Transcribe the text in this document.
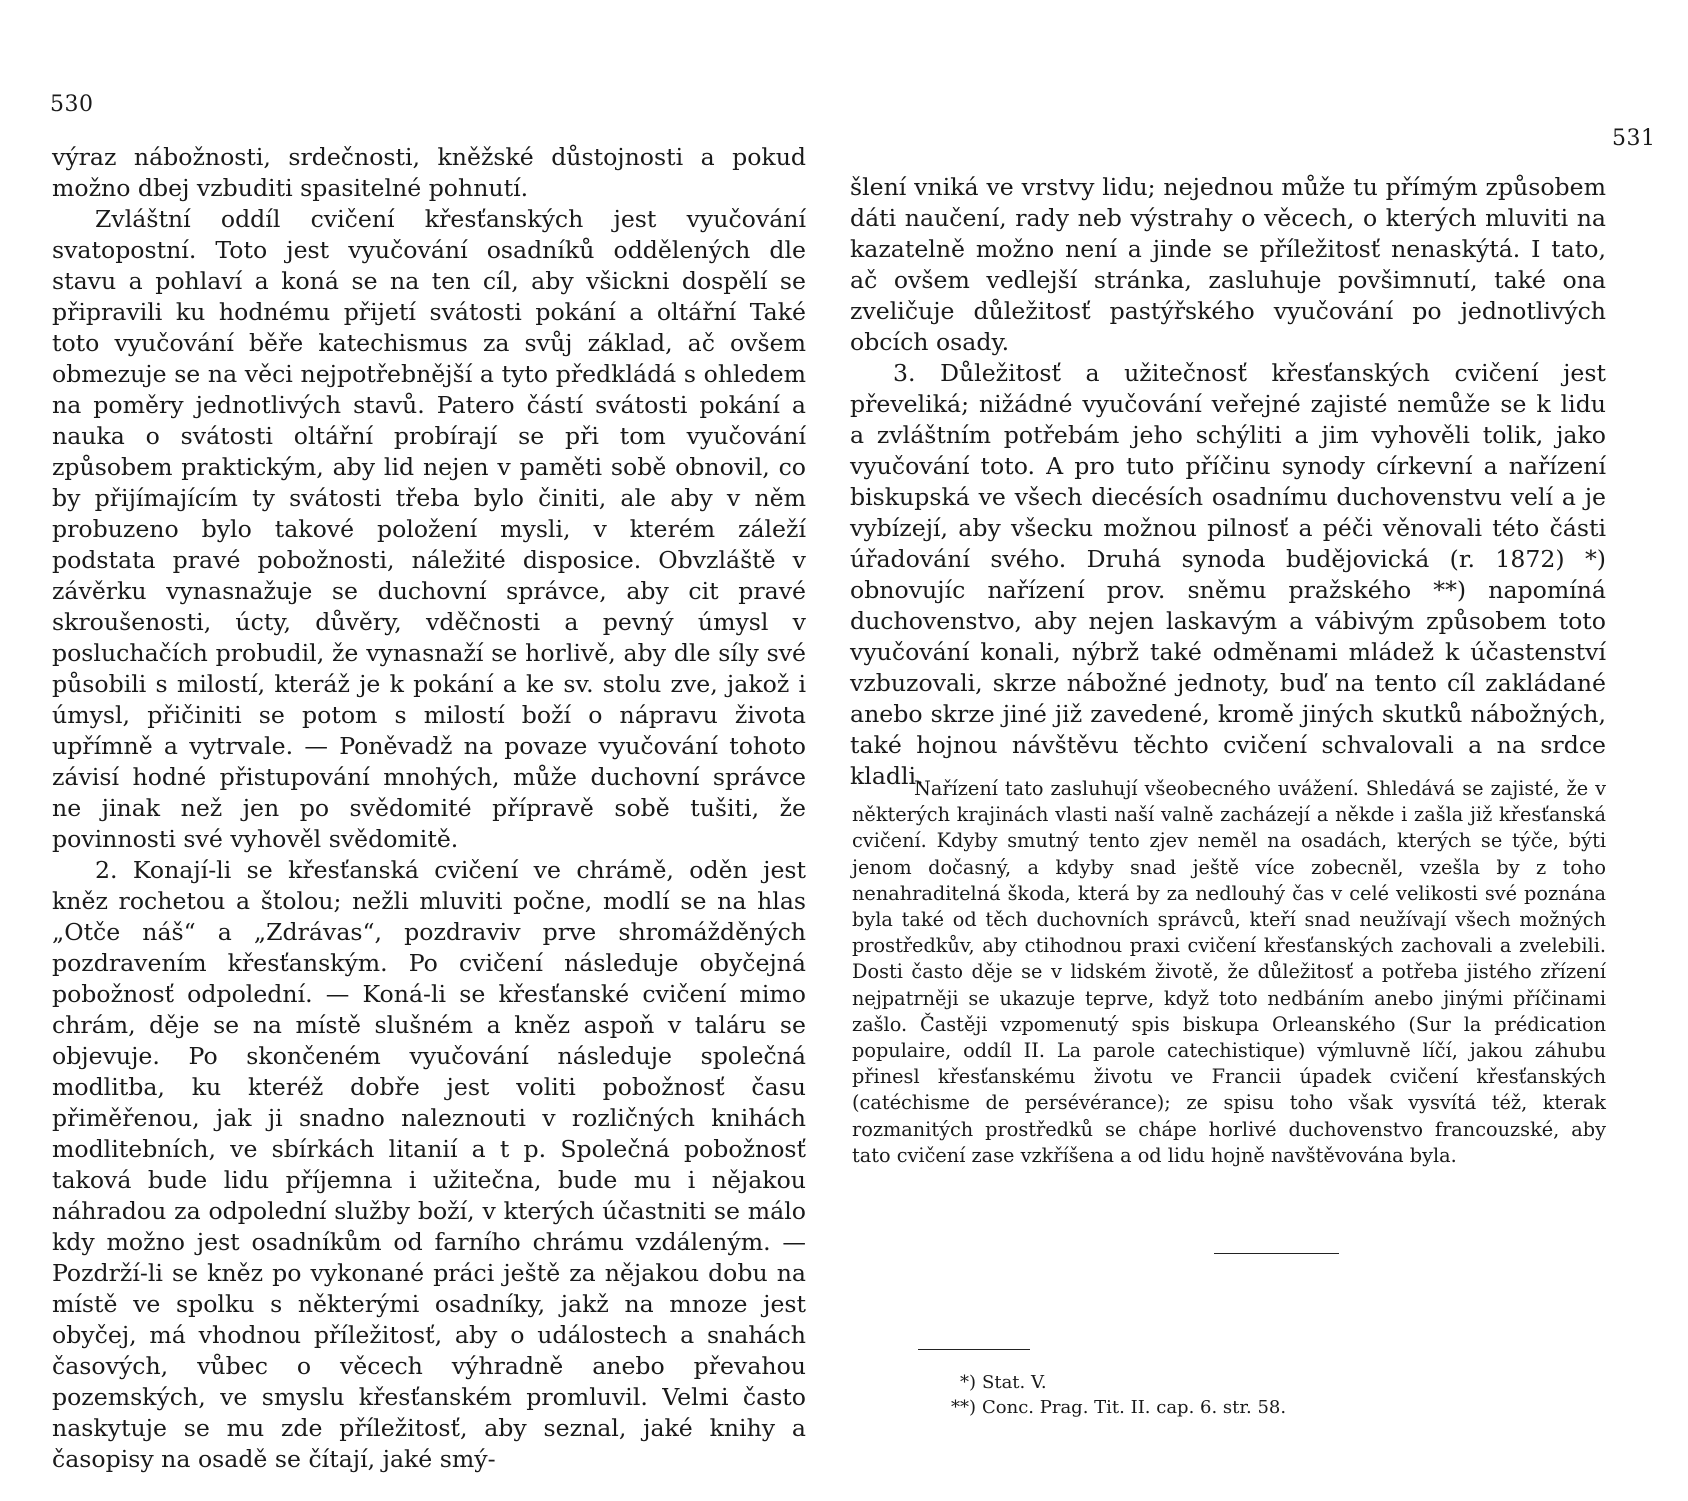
530

výraz nábožnosti, srdečnosti, kněžské důstojnosti a pokud možno dbej vzbuditi spasitelné pohnutí.

Zvláštní oddíl cvičení křesťanských jest vyučování svatopostní. Toto jest vyučování osadníků oddělených dle stavu a pohlaví a koná se na ten cíl, aby všickni dospělí se připravili ku hodnému přijetí svátosti pokání a oltářní Také toto vyučování běře katechismus za svůj základ, ač ovšem obmezuje se na věci nejpotřebnější a tyto předkládá s ohledem na poměry jednotlivých stavů. Patero částí svátosti pokání a nauka o svátosti oltářní probírají se při tom vyučování způsobem praktickým, aby lid nejen v paměti sobě obnovil, co by přijímajícím ty svátosti třeba bylo činiti, ale aby v něm probuzeno bylo takové položení mysli, v kterém záleží podstata pravé pobožnosti, náležité disposice. Obvzláště v závěrku vynasnažuje se duchovní správce, aby cit pravé skroušenosti, úcty, důvěry, vděčnosti a pevný úmysl v posluchačích probudil, že vynasnaží se horlivě, aby dle síly své působili s milostí, kteráž je k pokání a ke sv. stolu zve, jakož i úmysl, přičiniti se potom s milostí boží o nápravu života upřímně a vytrvale. — Poněvadž na povaze vyučování tohoto závisí hodné přistupování mnohých, může duchovní správce ne jinak než jen po svědomité přípravě sobě tušiti, že povinnosti své vyhověl svědomitě.

2. Konají-li se křesťanská cvičení ve chrámě, oděn jest kněz rochetou a štolou; nežli mluviti počne, modlí se na hlas „Otče náš“ a „Zdrávas“, pozdraviv prve shromážděných pozdravením křesťanským. Po cvičení následuje obyčejná pobožnosť odpolední. — Koná-li se křesťanské cvičení mimo chrám, děje se na místě slušném a kněz aspoň v taláru se objevuje. Po skončeném vyučování následuje společná modlitba, ku kteréž dobře jest voliti pobožnosť času přiměřenou, jak ji snadno naleznouti v rozličných knihách modlitebních, ve sbírkách litanií a t p. Společná pobožnosť taková bude lidu příjemna i užitečna, bude mu i nějakou náhradou za odpolední služby boží, v kterých účastniti se málo kdy možno jest osadníkům od farního chrámu vzdáleným. — Pozdrží-li se kněz po vykonané práci ještě za nějakou dobu na místě ve spolku s některými osadníky, jakž na mnoze jest obyčej, má vhodnou příležitosť, aby o událostech a snahách časových, vůbec o věcech výhradně anebo převahou pozemských, ve smyslu křesťanském promluvil. Velmi často naskytuje se mu zde příležitosť, aby seznal, jaké knihy a časopisy na osadě se čítají, jaké smý-

531

šlení vniká ve vrstvy lidu; nejednou může tu přímým způsobem dáti naučení, rady neb výstrahy o věcech, o kterých mluviti na kazatelně možno není a jinde se příležitosť nenaskýtá. I tato, ač ovšem vedlejší stránka, zasluhuje povšimnutí, také ona zveličuje důležitosť pastýřského vyučování po jednotlivých obcích osady.

3. Důležitosť a užitečnosť křesťanských cvičení jest převeliká; nižádné vyučování veřejné zajisté nemůže se k lidu a zvláštním potřebám jeho schýliti a jim vyhověli tolik, jako vyučování toto. A pro tuto příčinu synody církevní a nařízení biskupská ve všech diecésích osadnímu duchovenstvu velí a je vybízejí, aby všecku možnou pilnosť a péči věnovali této části úřadování svého. Druhá synoda budějovická (r. 1872) *) obnovujíc nařízení prov. sněmu pražského **) napomíná duchovenstvo, aby nejen laskavým a vábivým způsobem toto vyučování konali, nýbrž také odměnami mládež k účastenství vzbuzovali, skrze nábožné jednoty, buď na tento cíl zakládané anebo skrze jiné již zavedené, kromě jiných skutků nábožných, také hojnou návštěvu těchto cvičení schvalovali a na srdce kladli.

Nařízení tato zasluhují všeobecného uvážení. Shledává se zajisté, že v některých krajinách vlasti naší valně zacházejí a někde i zašla již křesťanská cvičení. Kdyby smutný tento zjev neměl na osadách, kterých se týče, býti jenom dočasný, a kdyby snad ještě více zobecněl, vzešla by z toho nenahraditelná škoda, která by za nedlouhý čas v celé velikosti své poznána byla také od těch duchovních správců, kteří snad neužívají všech možných prostředkův, aby ctihodnou praxi cvičení křesťanských zachovali a zvelebili. Dosti často děje se v lidském životě, že důležitosť a potřeba jistého zřízení nejpatrněji se ukazuje teprve, když toto nedbáním anebo jinými příčinami zašlo. Častěji vzpomenutý spis biskupa Orleanského (Sur la prédication populaire, oddíl II. La parole catechistique) výmluvně líčí, jakou záhubu přinesl křesťanskému životu ve Francii úpadek cvičení křesťanských (catéchisme de persévérance); ze spisu toho však vysvítá též, kterak rozmanitých prostředků se chápe horlivé duchovenstvo francouzské, aby tato cvičení zase vzkříšena a od lidu hojně navštěvována byla.

*) Stat. V.
**) Conc. Prag. Tit. II. cap. 6. str. 58.
